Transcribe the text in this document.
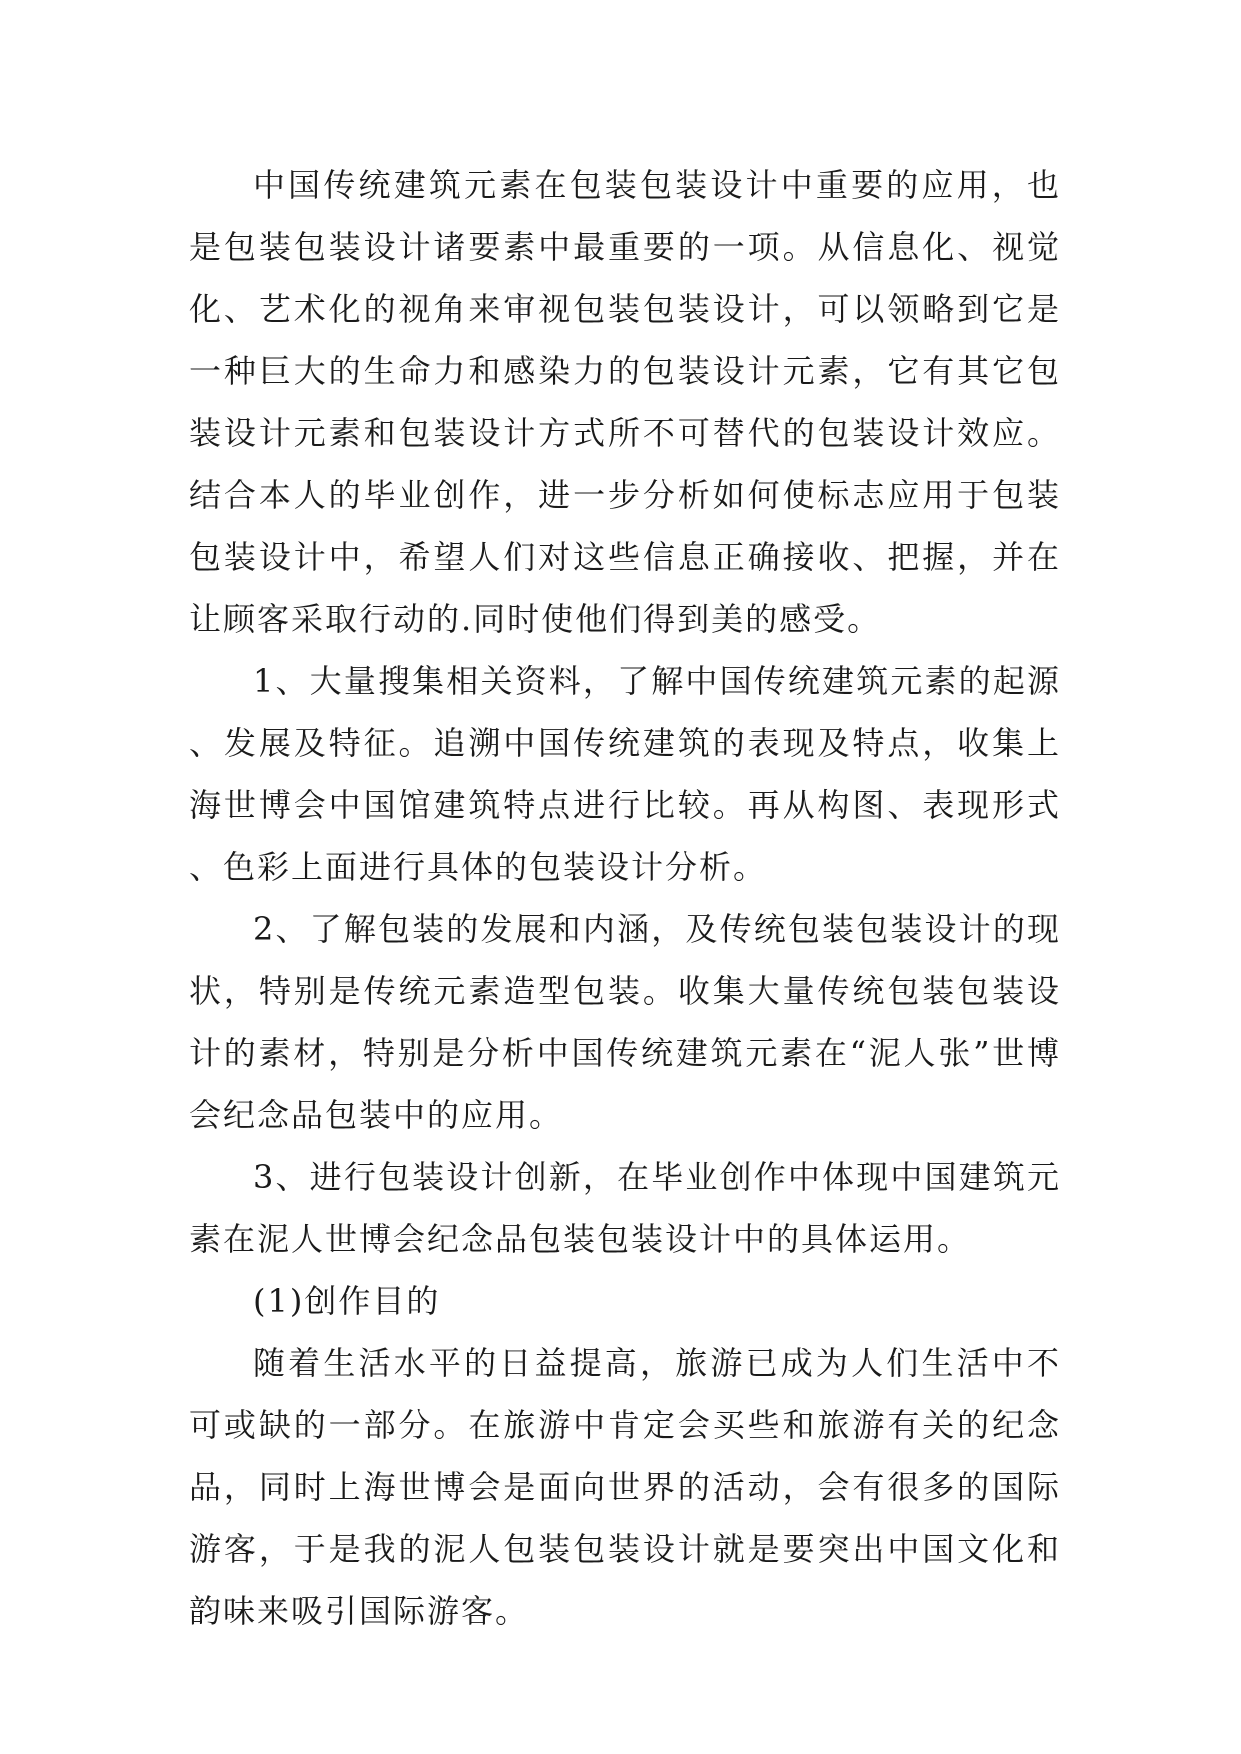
中国传统建筑元素在包装包装设计中重要的应用，也是包装包装设计诸要素中最重要的一项。从信息化、视觉化、艺术化的视角来审视包装包装设计，可以领略到它是一种巨大的生命力和感染力的包装设计元素，它有其它包装设计元素和包装设计方式所不可替代的包装设计效应。结合本人的毕业创作，进一步分析如何使标志应用于包装包装设计中，希望人们对这些信息正确接收、把握，并在让顾客采取行动的.同时使他们得到美的感受。

1、大量搜集相关资料，了解中国传统建筑元素的起源、发展及特征。追溯中国传统建筑的表现及特点，收集上海世博会中国馆建筑特点进行比较。再从构图、表现形式、色彩上面进行具体的包装设计分析。

2、了解包装的发展和内涵，及传统包装包装设计的现状，特别是传统元素造型包装。收集大量传统包装包装设计的素材，特别是分析中国传统建筑元素在“泥人张”世博会纪念品包装中的应用。

3、进行包装设计创新，在毕业创作中体现中国建筑元素在泥人世博会纪念品包装包装设计中的具体运用。

(1)创作目的

随着生活水平的日益提高，旅游已成为人们生活中不可或缺的一部分。在旅游中肯定会买些和旅游有关的纪念品，同时上海世博会是面向世界的活动，会有很多的国际游客，于是我的泥人包装包装设计就是要突出中国文化和韵味来吸引国际游客。
